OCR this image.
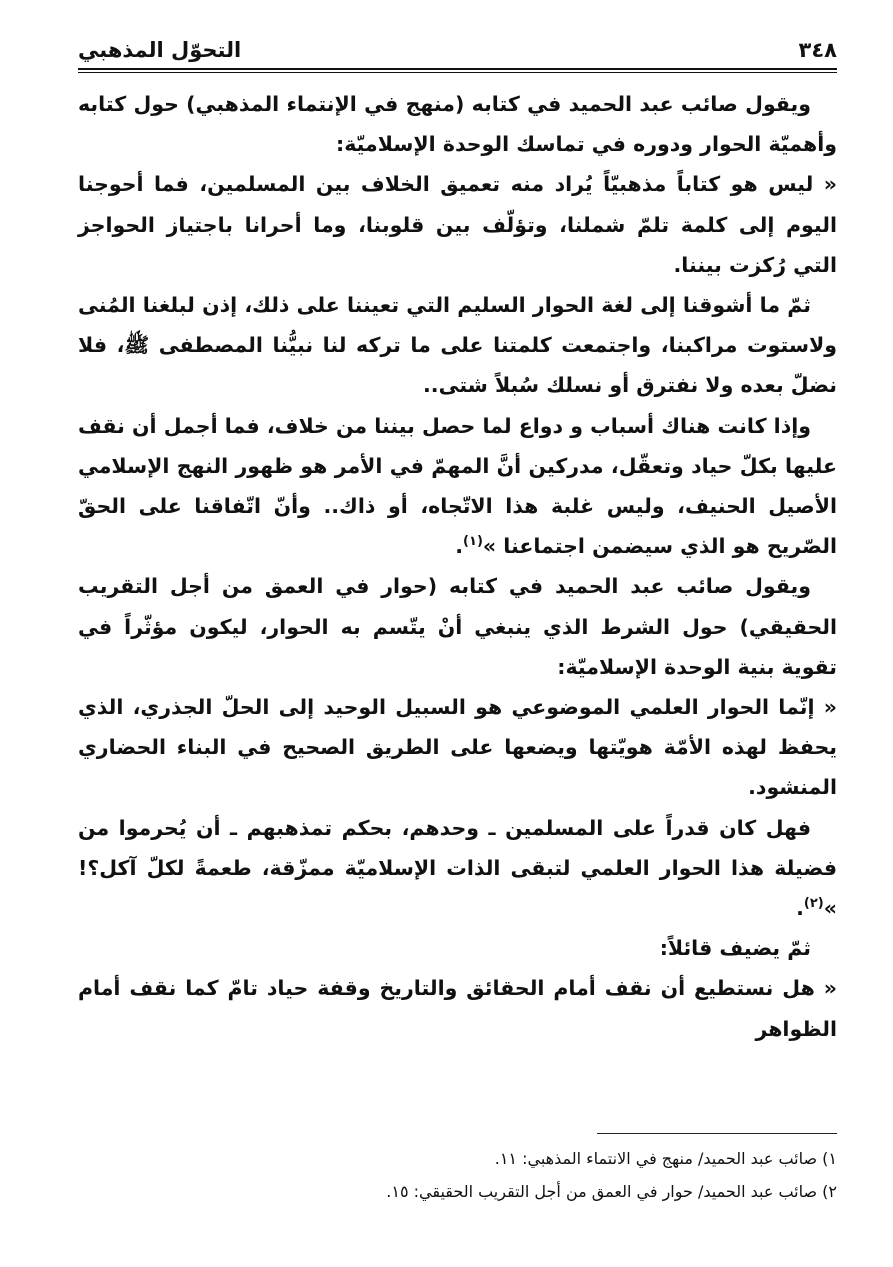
٣٤٨
التحوّل المذهبي

ويقول صائب عبد الحميد في كتابه (منهج في الإنتماء المذهبي) حول كتابه وأهميّة الحوار ودوره في تماسك الوحدة الإسلاميّة:

« ليس هو كتاباً مذهبيّاً يُراد منه تعميق الخلاف بين المسلمين، فما أحوجنا اليوم إلى كلمة تلمّ شملنا، وتؤلّف بين قلوبنا، وما أحرانا باجتياز الحواجز التي رُكزت بيننا.

ثمّ ما أشوقنا إلى لغة الحوار السليم التي تعيننا على ذلك، إذن لبلغنا المُنى ولاستوت مراكبنا، واجتمعت كلمتنا على ما تركه لنا نبيُّنا المصطفى ﷺ، فلا نضلّ بعده ولا نفترق أو نسلك سُبلاً شتى..

وإذا كانت هناك أسباب و دواع لما حصل بيننا من خلاف، فما أجمل أن نقف عليها بكلّ حياد وتعقّل، مدركين أنَّ المهمّ في الأمر هو ظهور النهج الإسلامي الأصيل الحنيف، وليس غلبة هذا الاتّجاه، أو ذاك.. وأنّ اتّفاقنا على الحقّ الصّريح هو الذي سيضمن اجتماعنا »$^{(١)}$.

ويقول صائب عبد الحميد في كتابه (حوار في العمق من أجل التقريب الحقيقي) حول الشرط الذي ينبغي أنْ يتّسم به الحوار، ليكون مؤثّراً في تقوية بنية الوحدة الإسلاميّة:

« إنّما الحوار العلمي الموضوعي هو السبيل الوحيد إلى الحلّ الجذري، الذي يحفظ لهذه الأمّة هويّتها ويضعها على الطريق الصحيح في البناء الحضاري المنشود.

فهل كان قدراً على المسلمين ـ وحدهم، بحكم تمذهبهم ـ أن يُحرموا من فضيلة هذا الحوار العلمي لتبقى الذات الإسلاميّة ممزّقة، طعمةً لكلّ آكل؟! »$^{(٢)}$.

ثمّ يضيف قائلاً:

« هل نستطيع أن نقف أمام الحقائق والتاريخ وقفة حياد تامّ كما نقف أمام الظواهر

١) صائب عبد الحميد/ منهج في الانتماء المذهبي: ١١.

٢) صائب عبد الحميد/ حوار في العمق من أجل التقريب الحقيقي: ١٥.
